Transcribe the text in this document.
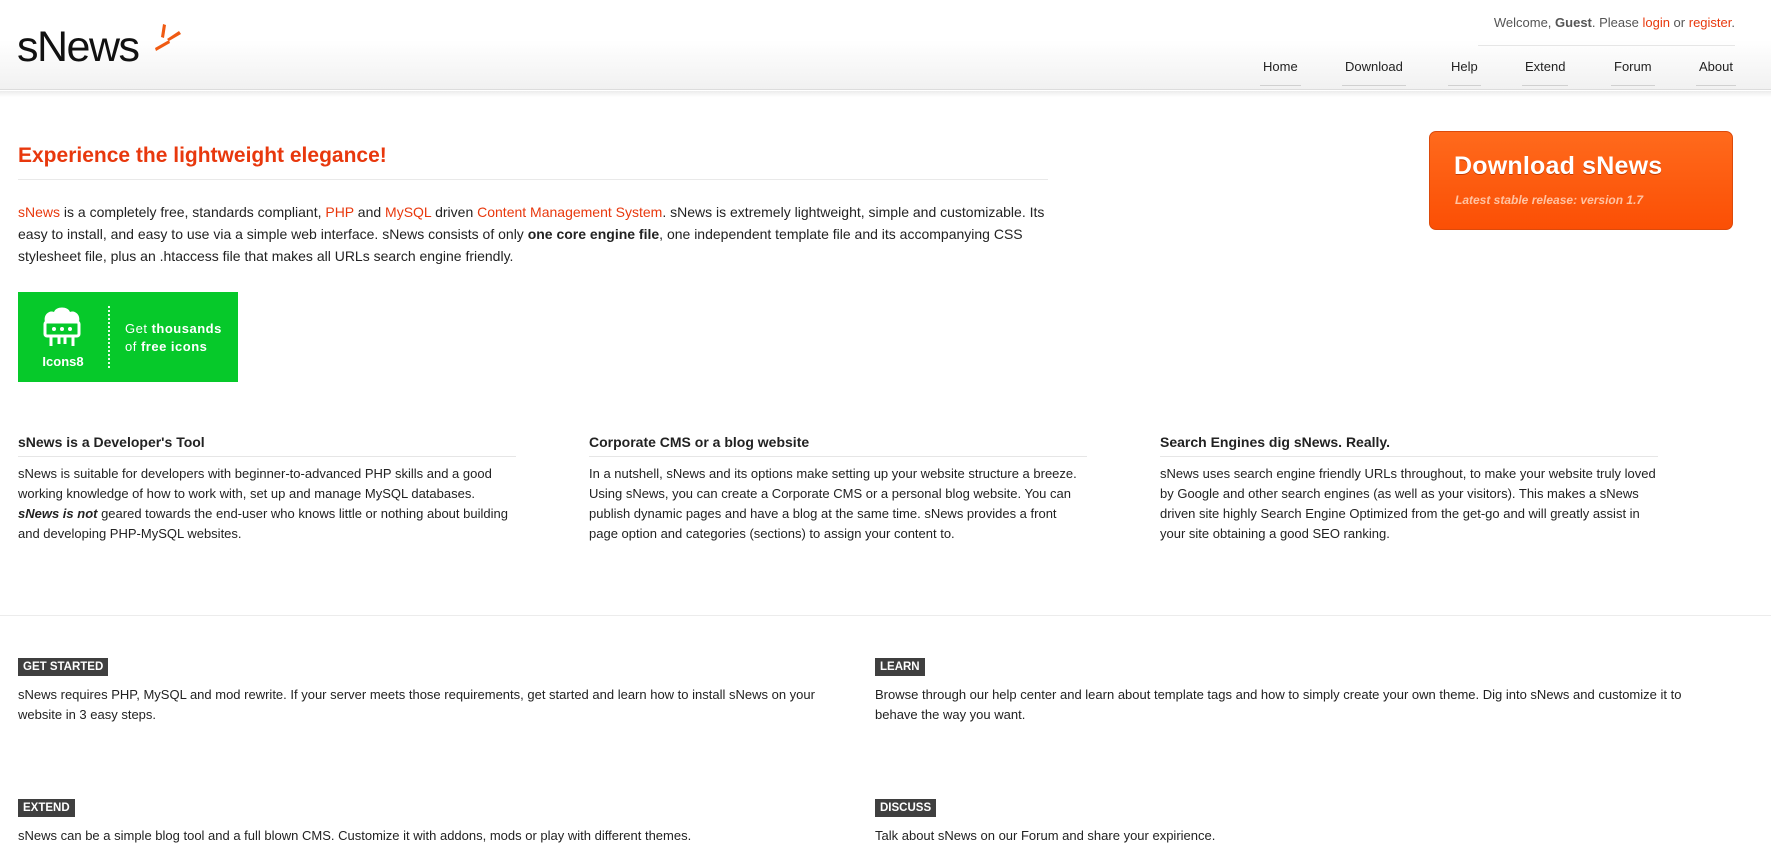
sNews
Welcome, Guest. Please login or register.
Home	Download	Help	Extend	Forum	About
Experience the lightweight elegance!

sNews is a completely free, standards compliant, PHP and MySQL driven Content Management System. sNews is extremely lightweight, simple and customizable. Its easy to install, and easy to use via a simple web interface. sNews consists of only one core engine file, one independent template file and its accompanying CSS stylesheet file, plus an .htaccess file that makes all URLs search engine friendly.

Icons8
Get thousands
of free icons
Download sNews
Latest stable release: version 1.7
sNews is a Developer's Tool

sNews is suitable for developers with beginner-to-advanced PHP skills and a good working knowledge of how to work with, set up and manage MySQL databases. sNews is not geared towards the end-user who knows little or nothing about building and developing PHP-MySQL websites.

Corporate CMS or a blog website

In a nutshell, sNews and its options make setting up your website structure a breeze. Using sNews, you can create a Corporate CMS or a personal blog website. You can publish dynamic pages and have a blog at the same time. sNews provides a front page option and categories (sections) to assign your content to.

Search Engines dig sNews. Really.

sNews uses search engine friendly URLs throughout, to make your website truly loved by Google and other search engines (as well as your visitors). This makes a sNews driven site highly Search Engine Optimized from the get-go and will greatly assist in your site obtaining a good SEO ranking.

GET STARTED

sNews requires PHP, MySQL and mod rewrite. If your server meets those requirements, get started and learn how to install sNews on your website in 3 easy steps.

LEARN

Browse through our help center and learn about template tags and how to simply create your own theme. Dig into sNews and customize it to behave the way you want.

EXTEND

sNews can be a simple blog tool and a full blown CMS. Customize it with addons, mods or play with different themes.

DISCUSS

Talk about sNews on our Forum and share your expirience.
